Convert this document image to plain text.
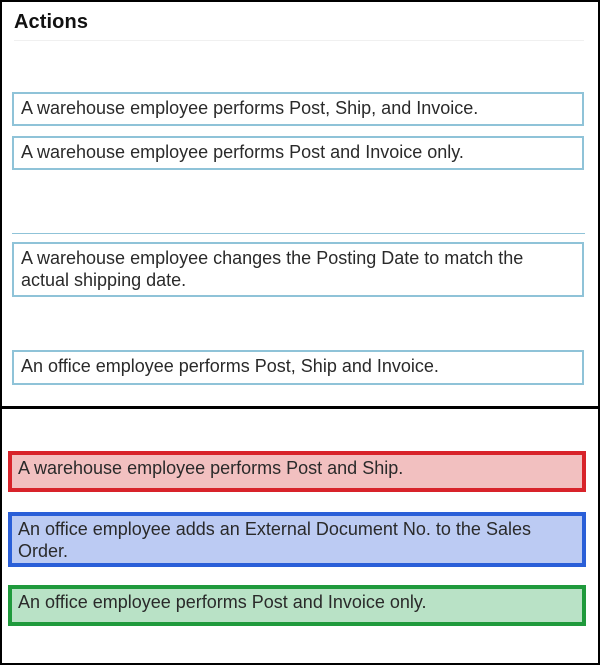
Actions
A warehouse employee performs Post, Ship, and Invoice.
A warehouse employee performs Post and Invoice only.
A warehouse employee changes the Posting Date to match the actual shipping date.
An office employee performs Post, Ship and Invoice.
A warehouse employee performs Post and Ship.
An office employee adds an External Document No. to the Sales Order.
An office employee performs Post and Invoice only.
